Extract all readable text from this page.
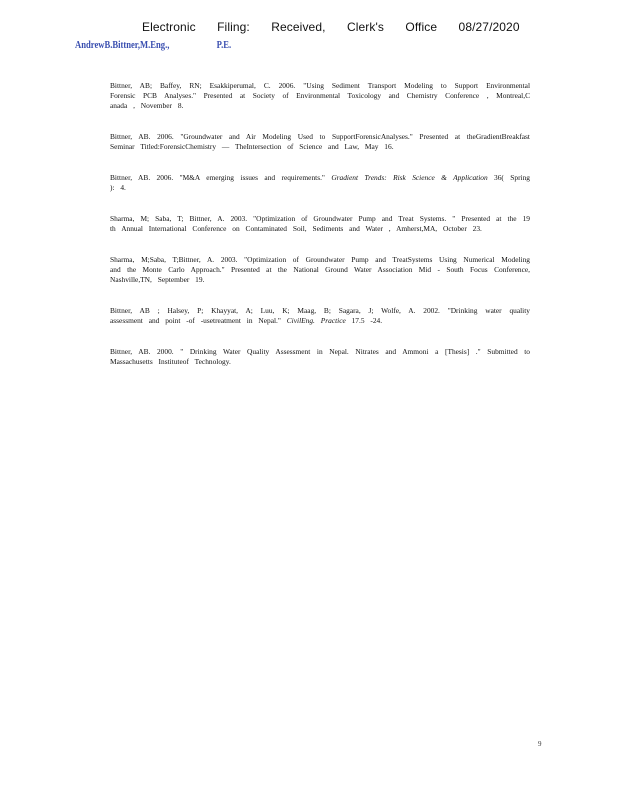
Electronic Filing: Received, Clerk's Office 08/27/2020
AndrewB.Bittner,M.Eng.,	P.E.

Bittner, AB; Baffey, RN; Esakkiperumal, C. 2006. "Using Sediment Transport Modeling to Support Environmental Forensic PCB Analyses." Presented at Society of Environmental Toxicology and Chemistry Conference , Montreal,C anada , November 8.

Bittner, AB. 2006. "Groundwater and Air Modeling Used to SupportForensicAnalyses." Presented at theGradientBreakfast Seminar Titled:ForensicChemistry — TheIntersection of Science and Law, May 16.

Bittner, AB. 2006. "M&A emerging issues and requirements." Gradient Trends: Risk Science & Application 36( Spring ): 4.

Sharma, M; Saba, T; Bittner, A. 2003. "Optimization of Groundwater Pump and Treat Systems. " Presented at the 19 th Annual International Conference on Contaminated Soil, Sediments and Water , Amherst,MA, October 23.

Sharma, M;Saba, T;Bittner, A. 2003. "Optimization of Groundwater Pump and TreatSystems Using Numerical Modeling and the Monte Carlo Approach." Presented at the National Ground Water Association Mid - South Focus Conference, Nashville,TN, September 19.

Bittner, AB ; Halsey, P; Khayyat, A; Luu, K; Maag, B; Sagara, J; Wolfe, A. 2002. "Drinking water quality assessment and point -of -usetreatment in Nepal." CivilEng. Practice 17.5 -24.

Bittner, AB. 2000. " Drinking Water Quality Assessment in Nepal. Nitrates and Ammoni a [Thesis] ." Submitted to Massachusetts Instituteof Technology.

9
